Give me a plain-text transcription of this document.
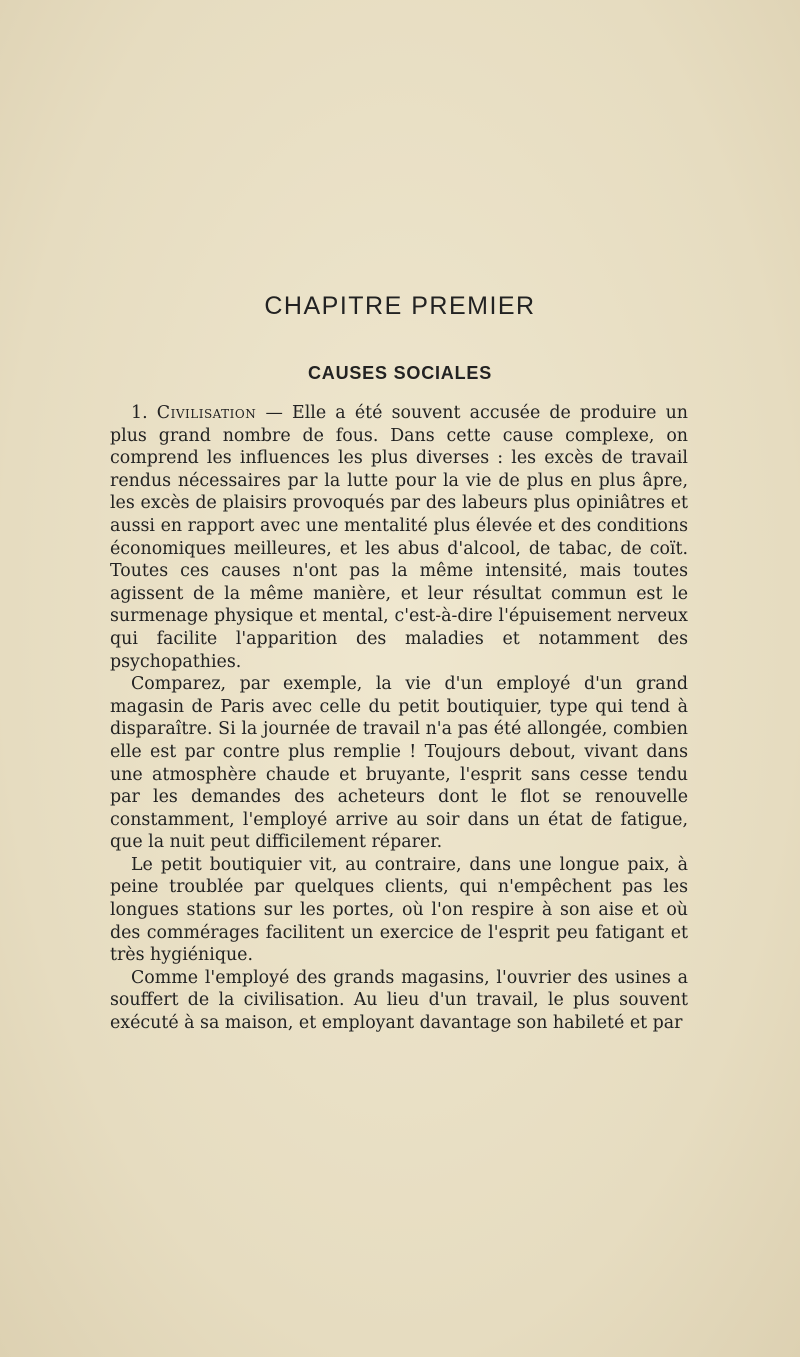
CHAPITRE PREMIER
CAUSES SOCIALES

1. Civilisation — Elle a été souvent accusée de produire un plus grand nombre de fous. Dans cette cause complexe, on comprend les influences les plus diverses : les excès de travail rendus nécessaires par la lutte pour la vie de plus en plus âpre, les excès de plaisirs provoqués par des labeurs plus opiniâtres et aussi en rapport avec une mentalité plus élevée et des conditions économiques meilleures, et les abus d'alcool, de tabac, de coït. Toutes ces causes n'ont pas la même intensité, mais toutes agissent de la même manière, et leur résultat commun est le surmenage physique et mental, c'est-à-dire l'épuisement nerveux qui facilite l'apparition des maladies et notamment des psychopathies.

Comparez, par exemple, la vie d'un employé d'un grand magasin de Paris avec celle du petit boutiquier, type qui tend à disparaître. Si la journée de travail n'a pas été allongée, combien elle est par contre plus remplie ! Toujours debout, vivant dans une atmosphère chaude et bruyante, l'esprit sans cesse tendu par les demandes des acheteurs dont le flot se renouvelle constamment, l'employé arrive au soir dans un état de fatigue, que la nuit peut difficilement réparer.

Le petit boutiquier vit, au contraire, dans une longue paix, à peine troublée par quelques clients, qui n'empêchent pas les longues stations sur les portes, où l'on respire à son aise et où des commérages facilitent un exercice de l'esprit peu fatigant et très hygiénique.

Comme l'employé des grands magasins, l'ouvrier des usines a souffert de la civilisation. Au lieu d'un travail, le plus souvent exécuté à sa maison, et employant davantage son habileté et par
